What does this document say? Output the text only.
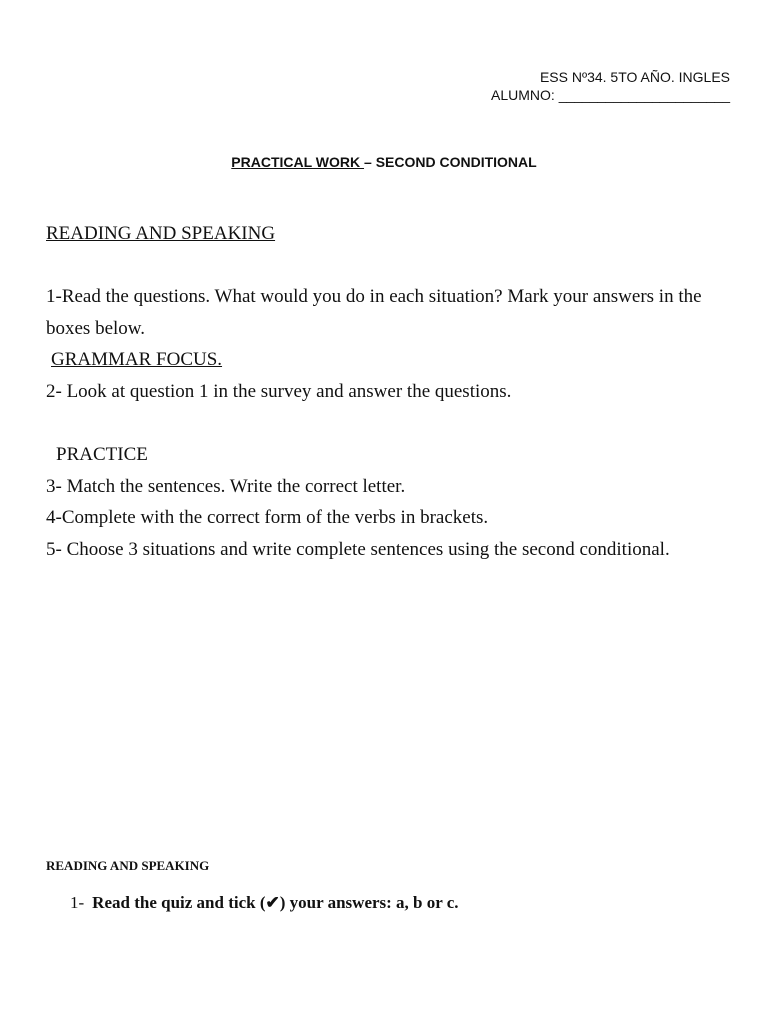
ESS Nº34. 5TO AÑO. INGLES
ALUMNO: ______________________
PRACTICAL WORK – SECOND CONDITIONAL

READING AND SPEAKING

1-Read the questions. What would you do in each situation? Mark your answers in the boxes below.

GRAMMAR FOCUS.

2- Look at question 1 in the survey and answer the questions.

PRACTICE

3- Match the sentences. Write the correct letter.

4-Complete with the correct form of the verbs in brackets.

5- Choose 3 situations and write complete sentences using the second conditional.

READING AND SPEAKING
1- Read the quiz and tick (✔) your answers: a, b or c.
